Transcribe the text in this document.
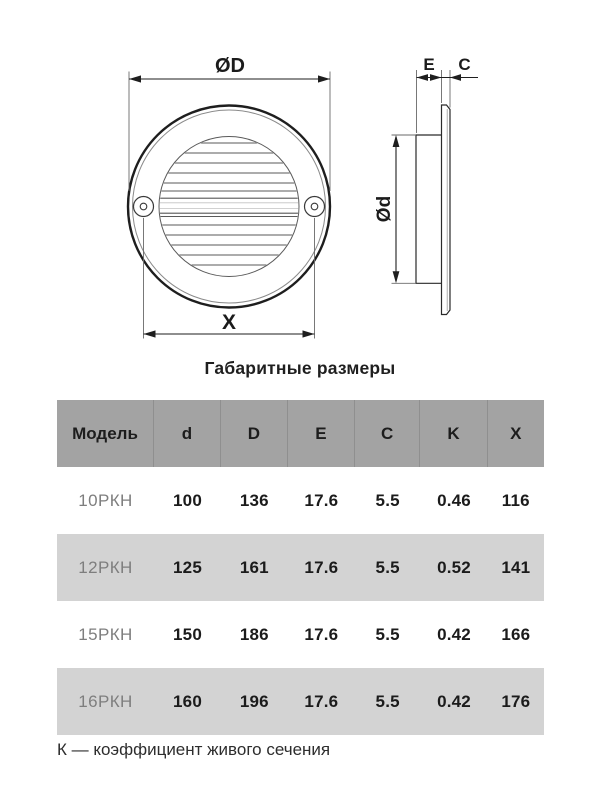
ØD
X
Ød
E C
Габаритные размеры
Модель	d	D	E	C	K	X
10РКН	100	136	17.6	5.5	0.46	116
12РКН	125	161	17.6	5.5	0.52	141
15РКН	150	186	17.6	5.5	0.42	166
16РКН	160	196	17.6	5.5	0.42	176
К — коэффициент живого сечения
